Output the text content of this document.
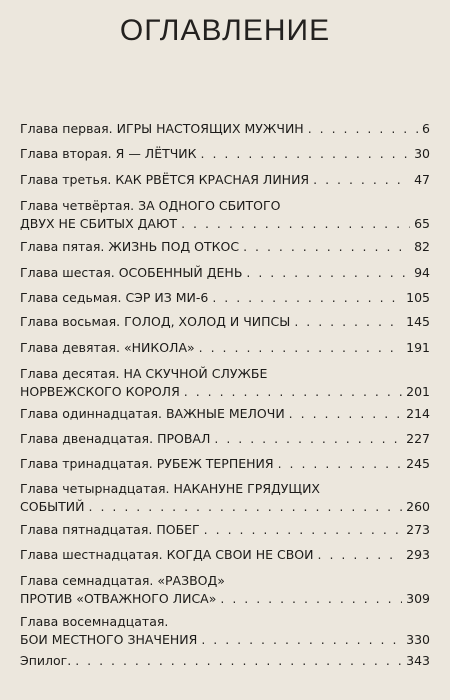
ОГЛАВЛЕНИЕ
Глава первая. ИГРЫ НАСТОЯЩИХ МУЖЧИН . . .	6
Глава вторая. Я — ЛЁТЧИК . . .	30
Глава третья. КАК РВЁТСЯ КРАСНАЯ ЛИНИЯ . . .	47
Глава четвёртая. ЗА ОДНОГО СБИТОГО
ДВУХ НЕ СБИТЫХ ДАЮТ . . .	65
Глава пятая. ЖИЗНЬ ПОД ОТКОС . . .	82
Глава шестая. ОСОБЕННЫЙ ДЕНЬ . . .	94
Глава седьмая. СЭР ИЗ МИ-6 . . .	105
Глава восьмая. ГОЛОД, ХОЛОД И ЧИПСЫ . . .	145
Глава девятая. «НИКОЛА» . . .	191
Глава десятая. НА СКУЧНОЙ СЛУЖБЕ
НОРВЕЖСКОГО КОРОЛЯ . . .	201
Глава одиннадцатая. ВАЖНЫЕ МЕЛОЧИ . . .	214
Глава двенадцатая. ПРОВАЛ . . .	227
Глава тринадцатая. РУБЕЖ ТЕРПЕНИЯ . . .	245
Глава четырнадцатая. НАКАНУНЕ ГРЯДУЩИХ
СОБЫТИЙ . . .	260
Глава пятнадцатая. ПОБЕГ . . .	273
Глава шестнадцатая. КОГДА СВОИ НЕ СВОИ . . .	293
Глава семнадцатая. «РАЗВОД»
ПРОТИВ «ОТВАЖНОГО ЛИСА» . . .	309
Глава восемнадцатая.
БОИ МЕСТНОГО ЗНАЧЕНИЯ . . .	330
Эпилог. . . .	343
